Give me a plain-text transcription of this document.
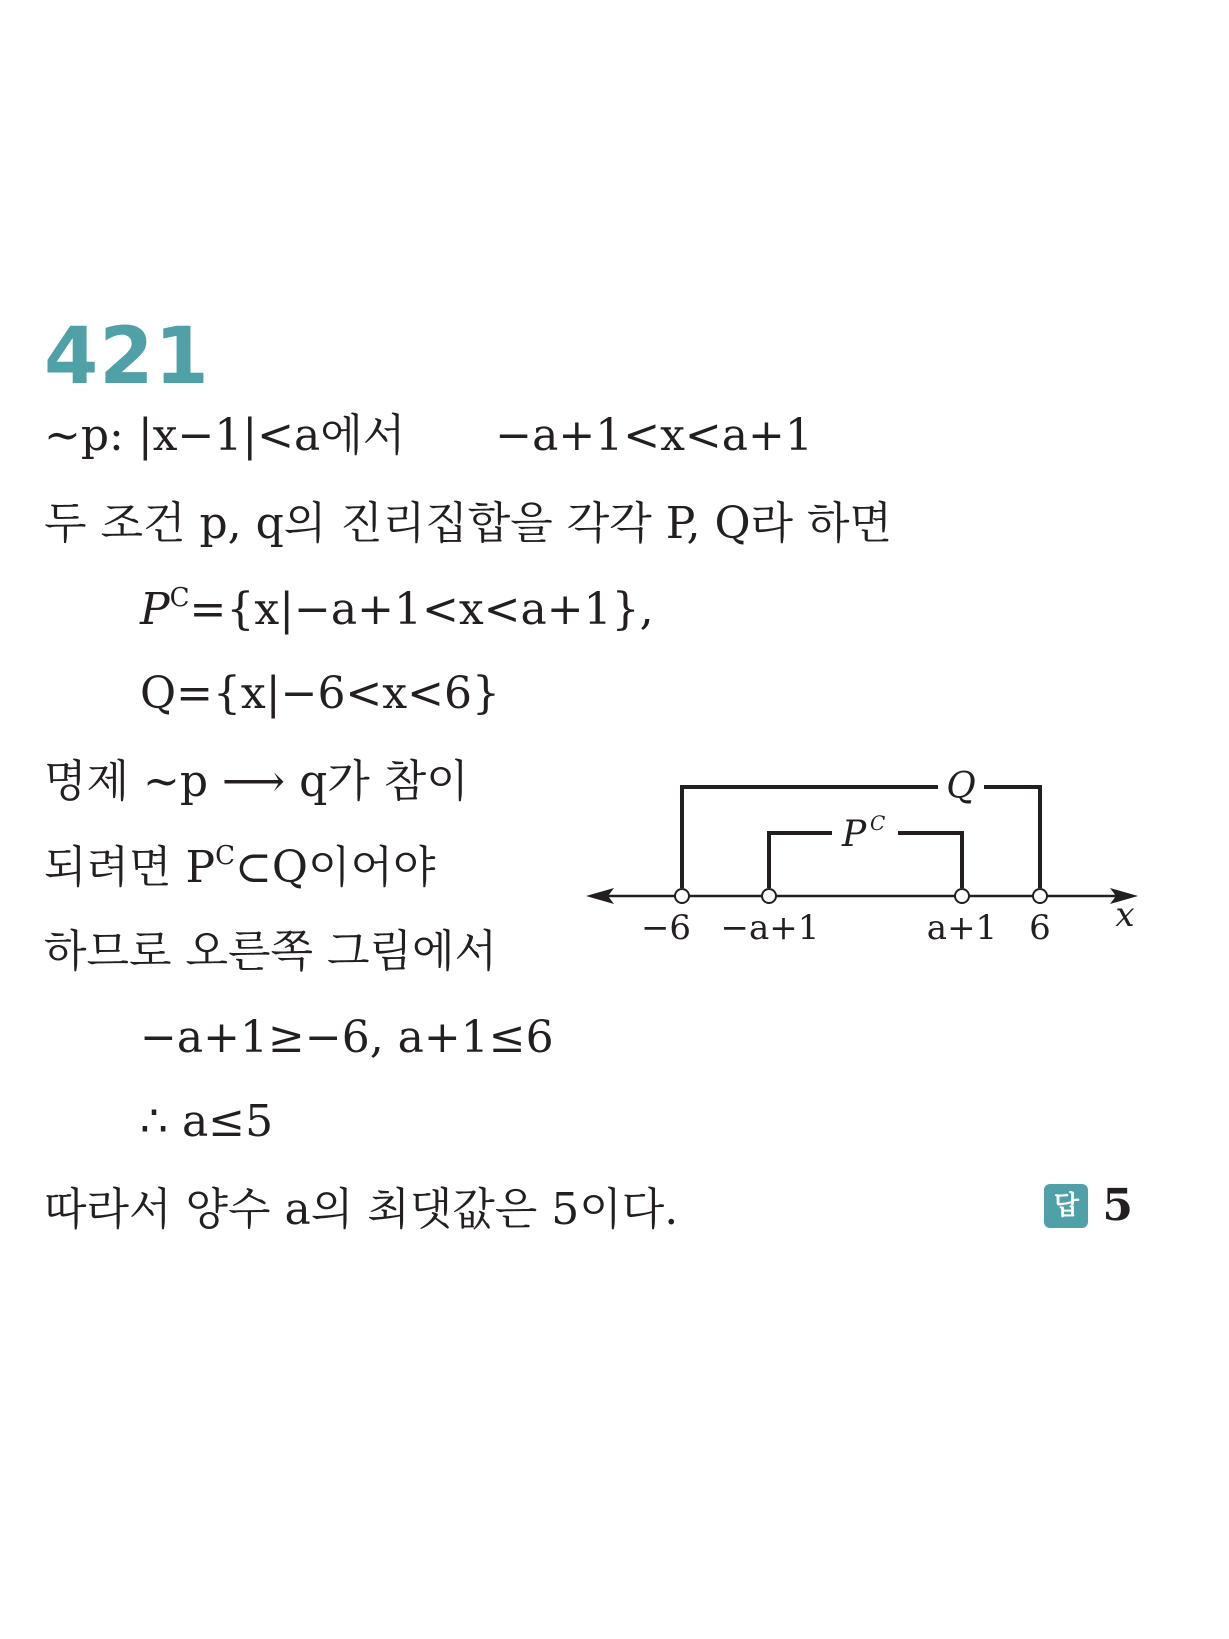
421
~p: |x−1|<a에서 −a+1<x<a+1
두 조건 p, q의 진리집합을 각각 P, Q라 하면
$P^C=\{x|-a+1<x<a+1\}$,
Q={x|−6<x<6}
명제 ~p ⟶ q가 참이
되려면 $P^C\subset Q$이어야
하므로 오른쪽 그림에서
−a+1≥−6, a+1≤6
∴ a≤5
따라서 양수 a의 최댓값은 5이다.	답 5
Q
P C
−6 −a+1	a+1 6 x
